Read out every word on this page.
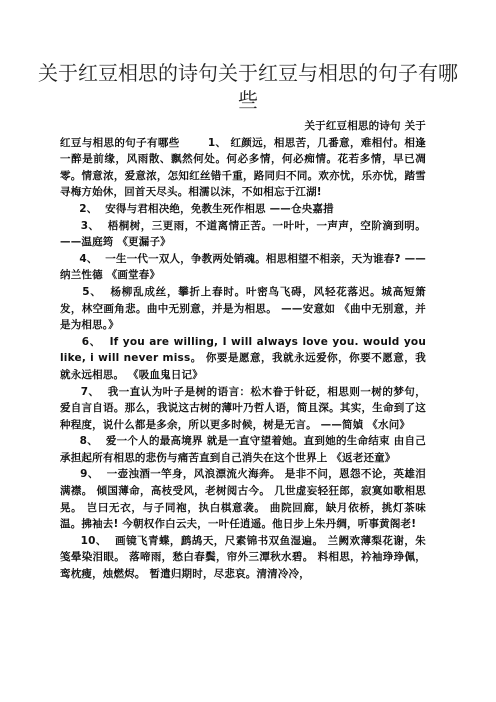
关于红豆相思的诗句关于红豆与相思的句子有哪些

关于红豆相思的诗句 关于

红豆与相思的句子有哪些	1、 红颜远，相思苦，几番意，难相付。相逢一醉是前缘，风雨散、飘然何处。何必多情，何必痴情。花若多情，早已凋零。情意浓，爱意浓，怎知红丝错千重，路同归不同。欢亦忧，乐亦忧，踏雪寻梅方始休，回首天尽头。相濡以沫，不如相忘于江湖!

2、 安得与君相决绝，免教生死作相思 ——仓央嘉措

3、 梧桐树，三更雨，不道离情正苦。一叶叶，一声声，空阶滴到明。 ——温庭筠 《更漏子》

4、 一生一代一双人，争教两处销魂。相思相望不相亲，天为谁春? ——纳兰性德 《画堂春》

5、 杨柳乱成丝，攀折上春时。叶密鸟飞碍，风轻花落迟。城高短箫发，林空画角悲。曲中无别意，并是为相思。 ——安意如 《曲中无别意，并是为相思。》

6、 If you are willing, I will always love you. would you like, i will never miss。 你要是愿意，我就永远爱你，你要不愿意，我就永远相思。 《吸血鬼日记》

7、 我一直认为叶子是树的语言：松木眷于针砭，相思则一树的梦句，爱自言自语。那么，我说这古树的薄叶乃哲人语，简且深。其实，生命到了这种程度，说什么都是多余，所以更多时候，树是无言。 ——简媜 《水问》

8、 爱一个人的最高境界 就是一直守望着她。直到她的生命结束 由自己承担起所有相思的悲伤与痛苦直到自己消失在这个世界上 《返老还童》

9、 一壶浊酒一竿身，风浪漂流火海奔。 是非不问，恩怨不论，英雄泪满襟。 倾国薄命，高枝受风，老树阅古今。 几世虚妄轻狂郎，寂寞如歌相思晃。 岂曰无衣，与子同袍，执白棋意袭。 曲院回廊，缺月依桥，挑灯茶味温。拂袖去! 今朝权作白云夫，一叶任逍遥。他日步上朱丹绸，听事黄阁老!

10、 画镜飞青蝶，鹧鸪天，尺素锦书双鱼湿遍。 兰阙欢薄梨花谢，朱笺晕染泪眼。 落啼雨，愁白春鬓，帘外三潭秋水碧。 料相思，衿袖琤琤佩，鸾枕瘦，烛燃烬。 暂遣归期时，尽悲哀。清清冷冷，
